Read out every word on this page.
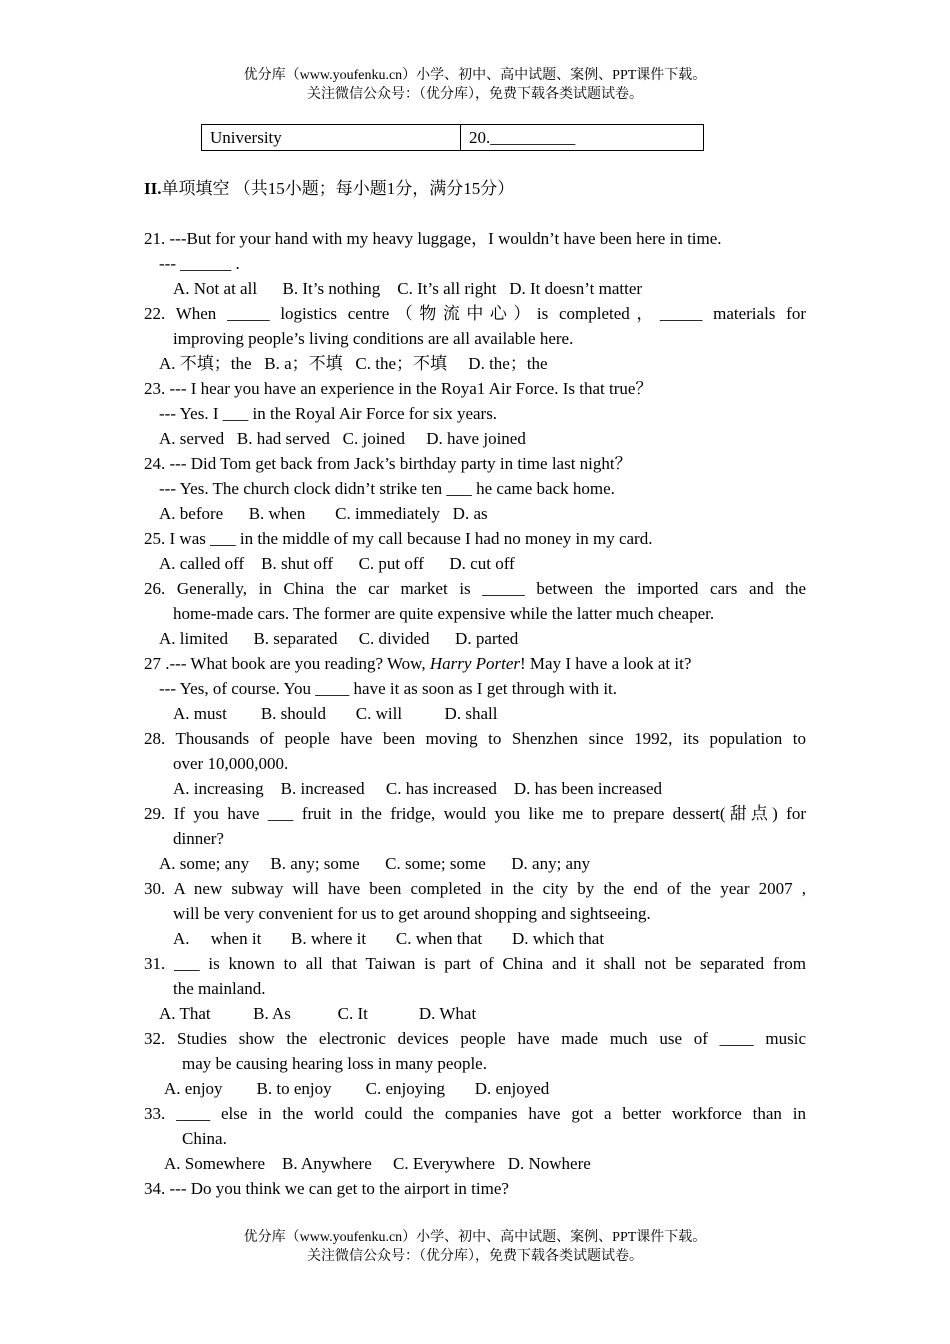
优分库（www.youfenku.cn）小学、初中、高中试题、案例、PPT课件下载。
关注微信公众号：（优分库），免费下载各类试题试卷。
University	20.__________
II.单项填空 （共15小题；每小题1分，满分15分）
21. ---But for your hand with my heavy luggage，I wouldn’t have been here in time.
--- ______ .
A. Not at all      B. It’s nothing    C. It’s all right   D. It doesn’t matter
22. When _____ logistics centre（物流中心）is completed，_____ materials for
improving people’s living conditions are all available here.
A. 不填；the   B. a；不填   C. the；不填     D. the；the
23. --- I hear you have an experience in the Roya1 Air Force. Is that true？
--- Yes. I ___ in the Royal Air Force for six years.
A. served   B. had served   C. joined     D. have joined
24. --- Did Tom get back from Jack’s birthday party in time last night？
--- Yes. The church clock didn’t strike ten ___ he came back home.
A. before      B. when       C. immediately   D. as
25. I was ___ in the middle of my call because I had no money in my card.
A. called off    B. shut off      C. put off      D. cut off
26. Generally, in China the car market is _____ between the imported cars and the
home-made cars. The former are quite expensive while the latter much cheaper.
A. limited      B. separated     C. divided      D. parted
27 .--- What book are you reading? Wow, Harry Porter! May I have a look at it?
--- Yes, of course. You ____ have it as soon as I get through with it.
A. must        B. should       C. will          D. shall
28. Thousands of people have been moving to Shenzhen since 1992, its population to
over 10,000,000.
A. increasing    B. increased     C. has increased    D. has been increased
29. If you have ___ fruit in the fridge, would you like me to prepare dessert(甜点) for
dinner?
A. some; any     B. any; some      C. some; some      D. any; any
30. A new subway will have been completed in the city by the end of the year 2007 ,
will be very convenient for us to get around shopping and sightseeing.
A.     when it       B. where it       C. when that       D. which that
31. ___ is known to all that Taiwan is part of China and it shall not be separated from
the mainland.
A. That          B. As           C. It            D. What
32. Studies show the electronic devices people have made much use of ____ music
may be causing hearing loss in many people.
A. enjoy        B. to enjoy        C. enjoying       D. enjoyed
33. ____ else in the world could the companies have got a better workforce than in
China.
A. Somewhere    B. Anywhere     C. Everywhere   D. Nowhere
34. --- Do you think we can get to the airport in time?
优分库（www.youfenku.cn）小学、初中、高中试题、案例、PPT课件下载。
关注微信公众号：（优分库），免费下载各类试题试卷。
